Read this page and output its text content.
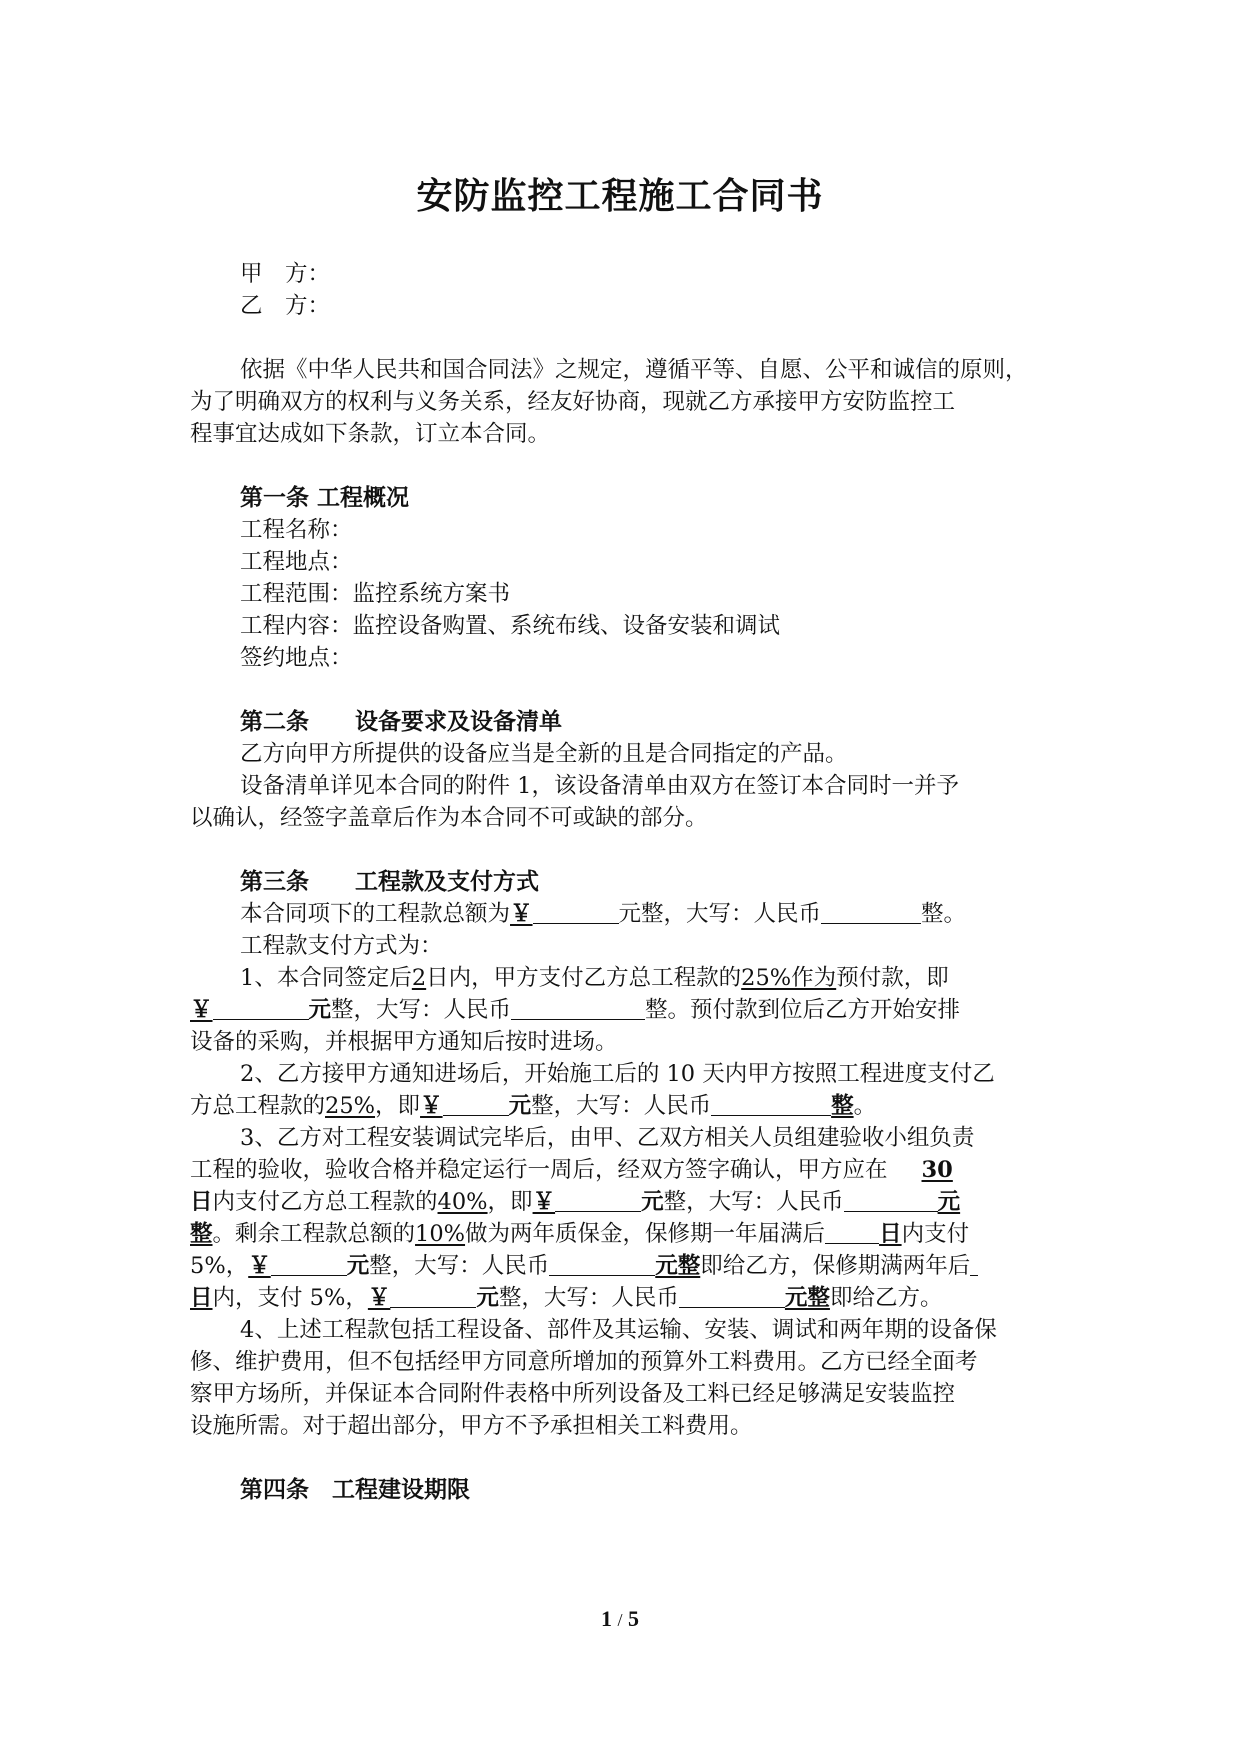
安防监控工程施工合同书
甲　方：
乙　方：
依据《中华人民共和国合同法》之规定，遵循平等、自愿、公平和诚信的原则，
为了明确双方的权利与义务关系，经友好协商，现就乙方承接甲方安防监控工
程事宜达成如下条款，订立本合同。
第一条 工程概况
工程名称：
工程地点：
工程范围：监控系统方案书
工程内容：监控设备购置、系统布线、设备安装和调试
签约地点：
第二条　　设备要求及设备清单
乙方向甲方所提供的设备应当是全新的且是合同指定的产品。
设备清单详见本合同的附件 1，该设备清单由双方在签订本合同时一并予
以确认，经签字盖章后作为本合同不可或缺的部分。
第三条　　工程款及支付方式
本合同项下的工程款总额为￥	元整，大写：人民币	整。
工程款支付方式为：
1、本合同签定后2日内，甲方支付乙方总工程款的25%作为预付款，即
￥	元整，大写：人民币	整。预付款到位后乙方开始安排
设备的采购，并根据甲方通知后按时进场。
2、乙方接甲方通知进场后，开始施工后的 10 天内甲方按照工程进度支付乙
方总工程款的25%，即￥	元整，大写：人民币	整。
3、乙方对工程安装调试完毕后，由甲、乙双方相关人员组建验收小组负责
工程的验收，验收合格并稳定运行一周后，经双方签字确认，甲方应在 30
日内支付乙方总工程款的40%，即￥	元整，大写：人民币	元
整。剩余工程款总额的10%做为两年质保金，保修期一年届满后 日内支付
5%，￥	元整，大写：人民币	元整即给乙方，保修期满两年后
日内，支付 5%，￥	元整，大写：人民币	元整即给乙方。
4、上述工程款包括工程设备、部件及其运输、安装、调试和两年期的设备保
修、维护费用，但不包括经甲方同意所增加的预算外工料费用。乙方已经全面考
察甲方场所，并保证本合同附件表格中所列设备及工料已经足够满足安装监控
设施所需。对于超出部分，甲方不予承担相关工料费用。
第四条　工程建设期限
1 / 5
